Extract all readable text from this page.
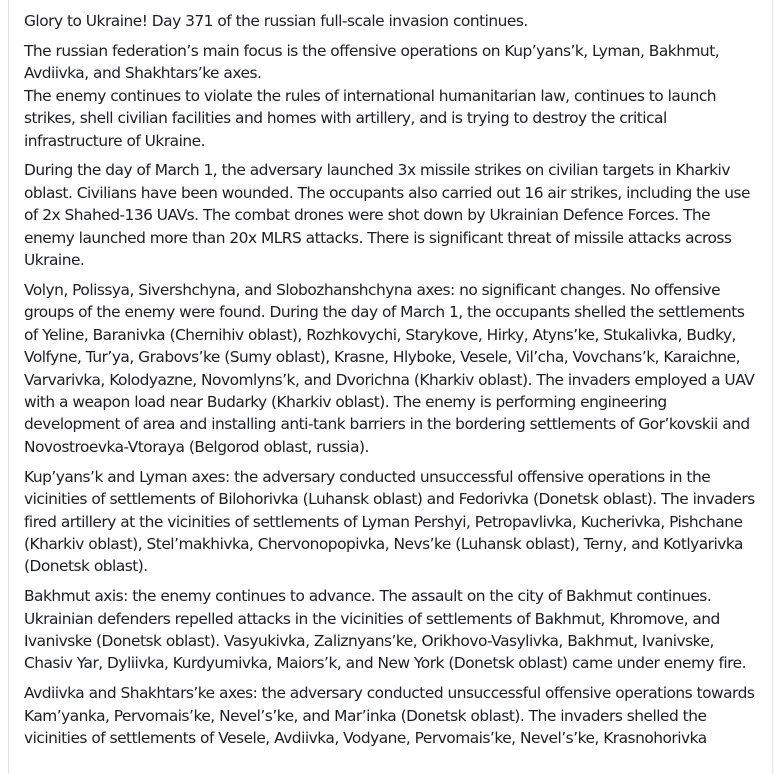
Glory to Ukraine! Day 371 of the russian full-scale invasion continues.

The russian federation’s main focus is the offensive operations on Kup’yans’k, Lyman, Bakhmut, Avdiivka, and Shakhtars’ke axes.
The enemy continues to violate the rules of international humanitarian law, continues to launch strikes, shell civilian facilities and homes with artillery, and is trying to destroy the critical infrastructure of Ukraine.

During the day of March 1, the adversary launched 3x missile strikes on civilian targets in Kharkiv oblast. Civilians have been wounded. The occupants also carried out 16 air strikes, including the use of 2x Shahed-136 UAVs. The combat drones were shot down by Ukrainian Defence Forces. The enemy launched more than 20x MLRS attacks. There is significant threat of missile attacks across Ukraine.

Volyn, Polissya, Sivershchyna, and Slobozhanshchyna axes: no significant changes. No offensive groups of the enemy were found. During the day of March 1, the occupants shelled the settlements of Yeline, Baranivka (Chernihiv oblast), Rozhkovychi, Starykove, Hirky, Atyns’ke, Stukalivka, Budky, Volfyne, Tur’ya, Grabovs’ke (Sumy oblast), Krasne, Hlyboke, Vesele, Vil’cha, Vovchans’k, Karaichne, Varvarivka, Kolodyazne, Novomlyns’k, and Dvorichna (Kharkiv oblast). The invaders employed a UAV with a weapon load near Budarky (Kharkiv oblast). The enemy is performing engineering development of area and installing anti-tank barriers in the bordering settlements of Gor’kovskii and Novostroevka-Vtoraya (Belgorod oblast, russia).

Kup’yans’k and Lyman axes: the adversary conducted unsuccessful offensive operations in the vicinities of settlements of Bilohorivka (Luhansk oblast) and Fedorivka (Donetsk oblast). The invaders fired artillery at the vicinities of settlements of Lyman Pershyi, Petropavlivka, Kucherivka, Pishchane (Kharkiv oblast), Stel’makhivka, Chervonopopivka, Nevs’ke (Luhansk oblast), Terny, and Kotlyarivka (Donetsk oblast).

Bakhmut axis: the enemy continues to advance. The assault on the city of Bakhmut continues. Ukrainian defenders repelled attacks in the vicinities of settlements of Bakhmut, Khromove, and Ivanivske (Donetsk oblast). Vasyukivka, Zaliznyans’ke, Orikhovo-Vasylivka, Bakhmut, Ivanivske, Chasiv Yar, Dyliivka, Kurdyumivka, Maiors’k, and New York (Donetsk oblast) came under enemy fire.

Avdiivka and Shakhtars’ke axes: the adversary conducted unsuccessful offensive operations towards Kam’yanka, Pervomais’ke, Nevel’s’ke, and Mar’inka (Donetsk oblast). The invaders shelled the vicinities of settlements of Vesele, Avdiivka, Vodyane, Pervomais’ke, Nevel’s’ke, Krasnohorivka
